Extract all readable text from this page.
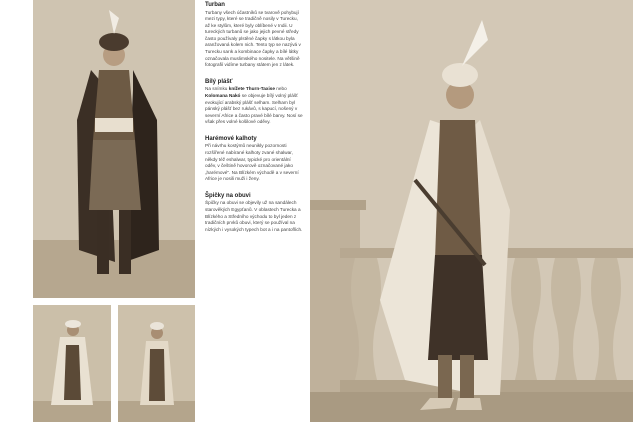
Turban
Turbany všech účastníků se tvarově pohybují mezi typy, které se tradičně nosily v Turecku, až ke stylům, které byly oblíbené v Indii. U tureckých turbanů se jako jejich pevné středy často používaly plstěné čapky s látkou byla aranžovaná kolem nich. Tento typ se nazývá v Turecku sarık a kombinace čapky a bílé látky označovala muslimského nositele. Na většině fotografií vidíme turbany státem jen z látek.
Bílý plášť
Na snímku knížete Thurn-Taxise nebo Kolomana Nakó se objevuje bílý volný plášť evokující arabský plášť selham. Selham byl pánský plášť bez rukávů, s kapucí, nošený v severní Africe a často pravé bílé barvy. Nosí se však přes volné košilové oděvy.
Harémové kalhoty
Při návrhu kostýmů neunikly pozornosti rozšířené nabírané kalhoty zvané shalwar, někdy též eshalwar, typické pro orientální oděv, v češtině hovorově označované jako „harémové". Na Blízkém východě a v severní Africe je nosili muži i ženy.
Špičky na obuvi
Špičky na obuvi se objevily už na sandálech starověkých Egypťanů. V oblastech Turecka a Blízkého a Středního východu to byl jeden z tradičních prvků obuvi, který se používal na nízkých i vysokých typech bot a i na pantoflích.
